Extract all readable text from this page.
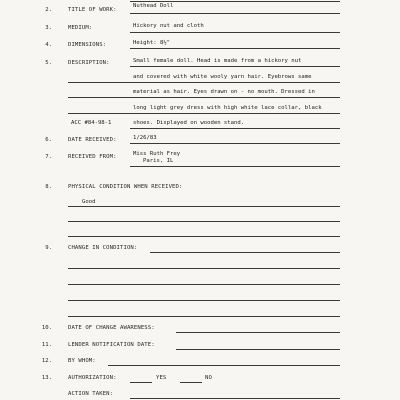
2.	TITLE OF WORK:
Nuthead Doll
3.	MEDIUM:	Hickory nut and cloth
4.	DIMENSIONS:	Height: 8½"
5.	DESCRIPTION:	Small female doll. Head is made from a hickory nut
and covered with white wooly yarn hair. Eyebrows same
material as hair. Eyes drawn on - no mouth. Dressed in
long light grey dress with high white lace collar, black
ACC #84-98-1	shoes. Displayed on wooden stand.
6.	DATE RECEIVED:	1/26/83
7.	RECEIVED FROM:	Miss Ruth Frey
Paris, IL
8.	PHYSICAL CONDITION WHEN RECEIVED:
Good
9.	CHANGE IN CONDITION:
10.	DATE OF CHANGE AWARENESS:
11.	LENDER NOTIFICATION DATE:
12.	BY WHOM:
13.	AUTHORIZATION:	YES	NO
ACTION TAKEN:
